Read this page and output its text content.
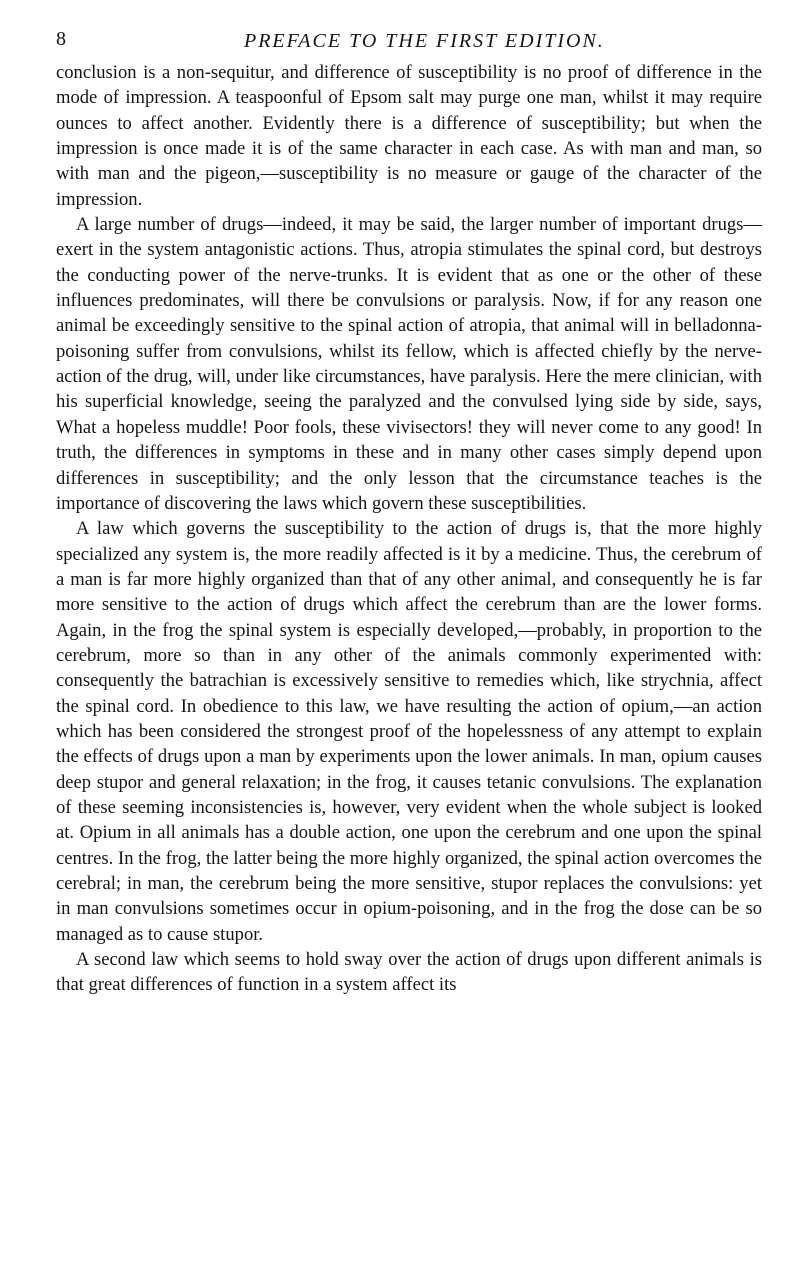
8	PREFACE TO THE FIRST EDITION.

conclusion is a non-sequitur, and difference of susceptibility is no proof of difference in the mode of impression. A teaspoonful of Epsom salt may purge one man, whilst it may require ounces to affect another. Evidently there is a difference of susceptibility; but when the impression is once made it is of the same character in each case. As with man and man, so with man and the pigeon,—susceptibility is no measure or gauge of the character of the impression.

A large number of drugs—indeed, it may be said, the larger number of important drugs—exert in the system antagonistic actions. Thus, atropia stimulates the spinal cord, but destroys the conducting power of the nerve-trunks. It is evident that as one or the other of these influences predominates, will there be convulsions or paralysis. Now, if for any reason one animal be exceedingly sensitive to the spinal action of atropia, that animal will in belladonna-poisoning suffer from convulsions, whilst its fellow, which is affected chiefly by the nerve-action of the drug, will, under like circumstances, have paralysis. Here the mere clinician, with his superficial knowledge, seeing the paralyzed and the convulsed lying side by side, says, What a hopeless muddle! Poor fools, these vivisectors! they will never come to any good! In truth, the differences in symptoms in these and in many other cases simply depend upon differences in susceptibility; and the only lesson that the circumstance teaches is the importance of discovering the laws which govern these susceptibilities.

A law which governs the susceptibility to the action of drugs is, that the more highly specialized any system is, the more readily affected is it by a medicine. Thus, the cerebrum of a man is far more highly organized than that of any other animal, and consequently he is far more sensitive to the action of drugs which affect the cerebrum than are the lower forms. Again, in the frog the spinal system is especially developed,—probably, in proportion to the cerebrum, more so than in any other of the animals commonly experimented with: consequently the batrachian is excessively sensitive to remedies which, like strychnia, affect the spinal cord. In obedience to this law, we have resulting the action of opium,—an action which has been considered the strongest proof of the hopelessness of any attempt to explain the effects of drugs upon a man by experiments upon the lower animals. In man, opium causes deep stupor and general relaxation; in the frog, it causes tetanic convulsions. The explanation of these seeming inconsistencies is, however, very evident when the whole subject is looked at. Opium in all animals has a double action, one upon the cerebrum and one upon the spinal centres. In the frog, the latter being the more highly organized, the spinal action overcomes the cerebral; in man, the cerebrum being the more sensitive, stupor replaces the convulsions: yet in man convulsions sometimes occur in opium-poisoning, and in the frog the dose can be so managed as to cause stupor.

A second law which seems to hold sway over the action of drugs upon different animals is that great differences of function in a system affect its
